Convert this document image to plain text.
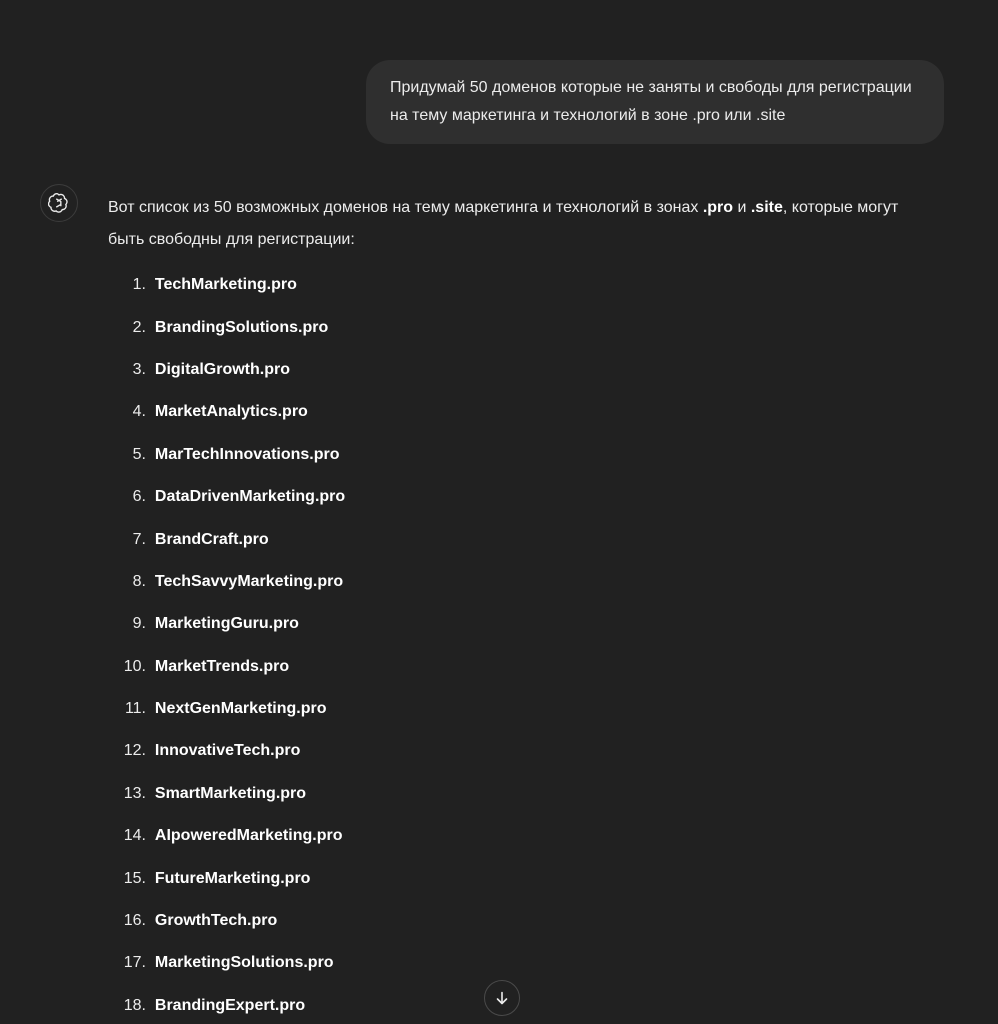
Придумай 50 доменов которые не заняты и свободы для регистрации на тему маркетинга и технологий в зоне .pro или .site

Вот список из 50 возможных доменов на тему маркетинга и технологий в зонах .pro и .site, которые могут быть свободны для регистрации:

1.
TechMarketing.pro
2.
BrandingSolutions.pro
3.
DigitalGrowth.pro
4.
MarketAnalytics.pro
5.
MarTechInnovations.pro
6.
DataDrivenMarketing.pro
7.
BrandCraft.pro
8.
TechSavvyMarketing.pro
9.
MarketingGuru.pro
10.
MarketTrends.pro
11.
NextGenMarketing.pro
12.
InnovativeTech.pro
13.
SmartMarketing.pro
14.
AIpoweredMarketing.pro
15.
FutureMarketing.pro
16.
GrowthTech.pro
17.
MarketingSolutions.pro
18.
BrandingExpert.pro
